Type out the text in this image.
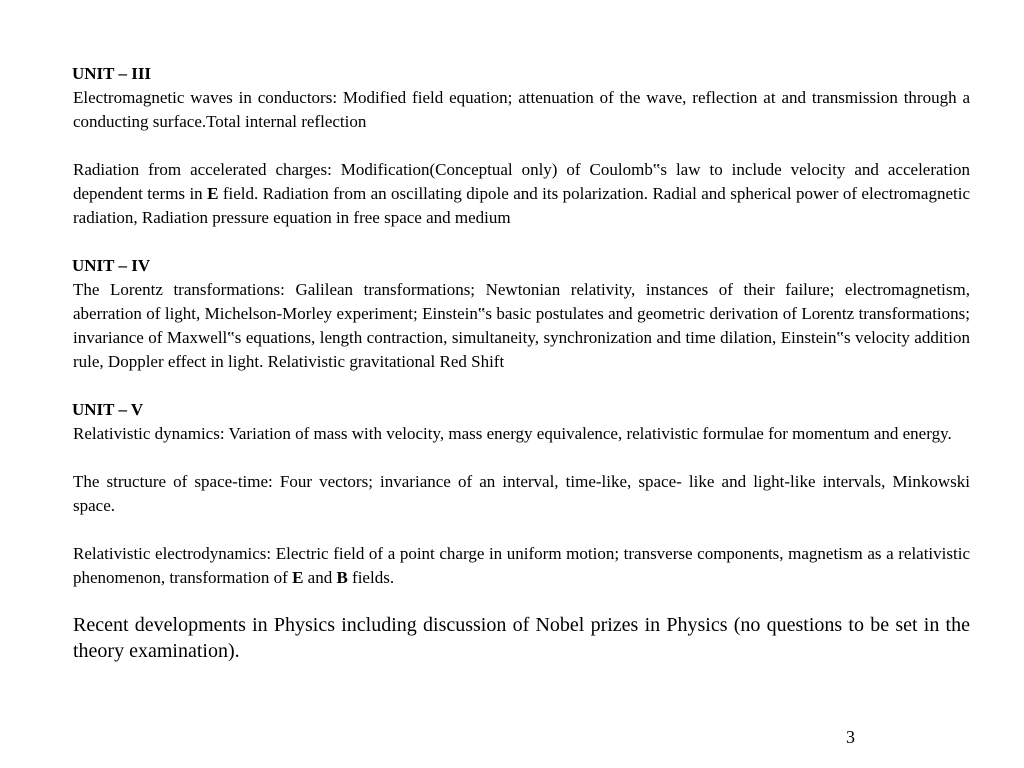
UNIT – III

Electromagnetic waves in conductors: Modified field equation; attenuation of the wave, reflection at and transmission through a conducting surface.Total internal reflection

Radiation from accelerated charges: Modification(Conceptual only) of Coulomb‟s law to include velocity and acceleration dependent terms in E field. Radiation from an oscillating dipole and its polarization. Radial and spherical power of electromagnetic radiation, Radiation pressure equation in free space and medium

UNIT – IV

The Lorentz transformations: Galilean transformations; Newtonian relativity, instances of their failure; electromagnetism, aberration of light, Michelson-Morley experiment; Einstein‟s basic postulates and geometric derivation of Lorentz transformations; invariance of Maxwell‟s equations, length contraction, simultaneity, synchronization and time dilation, Einstein‟s velocity addition rule, Doppler effect in light. Relativistic gravitational Red Shift

UNIT – V

Relativistic dynamics: Variation of mass with velocity, mass energy equivalence, relativistic formulae for momentum and energy.

The structure of space-time: Four vectors; invariance of an interval, time-like, space- like and light-like intervals, Minkowski space.

Relativistic electrodynamics: Electric field of a point charge in uniform motion; transverse components, magnetism as a relativistic phenomenon, transformation of E and B fields.

Recent developments in Physics including discussion of Nobel prizes in Physics (no questions to be set in the theory examination).

3
